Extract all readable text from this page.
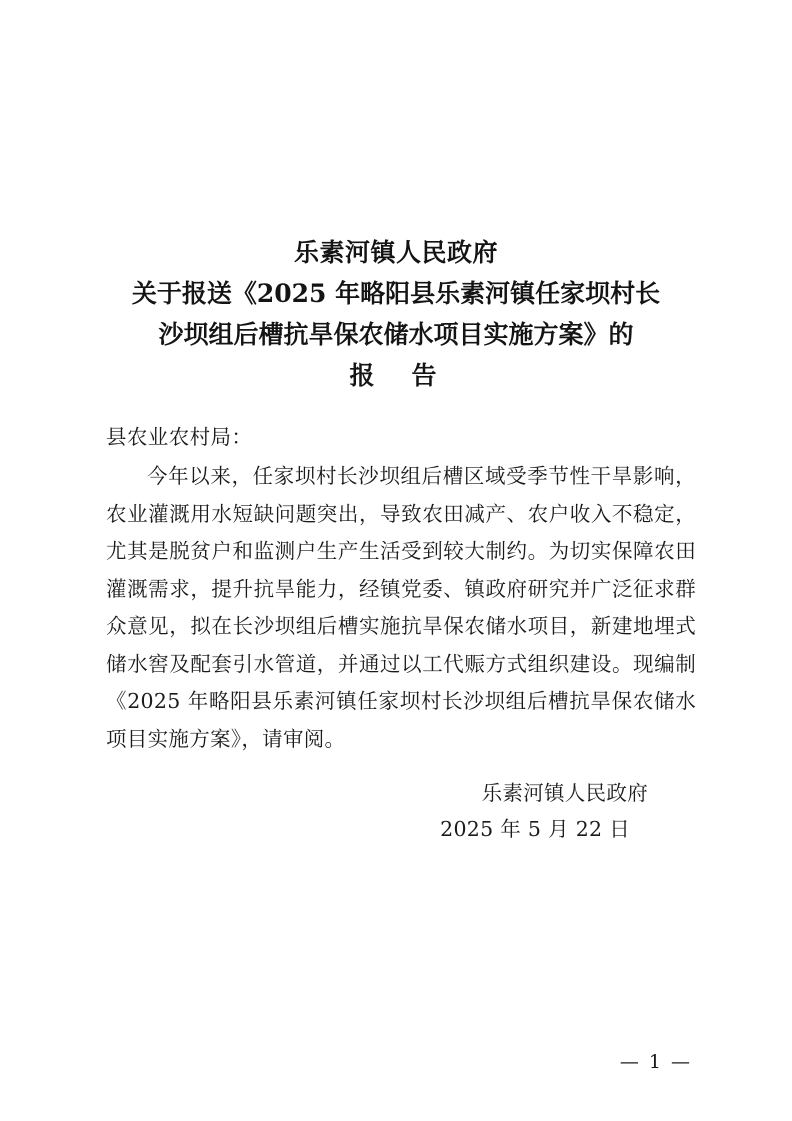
乐素河镇人民政府
关于报送《2025 年略阳县乐素河镇任家坝村长
沙坝组后槽抗旱保农储水项目实施方案》的
报　告
县农业农村局：

今年以来，任家坝村长沙坝组后槽区域受季节性干旱影响，农业灌溉用水短缺问题突出，导致农田减产、农户收入不稳定，尤其是脱贫户和监测户生产生活受到较大制约。为切实保障农田灌溉需求，提升抗旱能力，经镇党委、镇政府研究并广泛征求群众意见，拟在长沙坝组后槽实施抗旱保农储水项目，新建地埋式储水窖及配套引水管道，并通过以工代赈方式组织建设。现编制《2025 年略阳县乐素河镇任家坝村长沙坝组后槽抗旱保农储水项目实施方案》，请审阅。

乐素河镇人民政府
2025 年 5 月 22 日
— 1 —
